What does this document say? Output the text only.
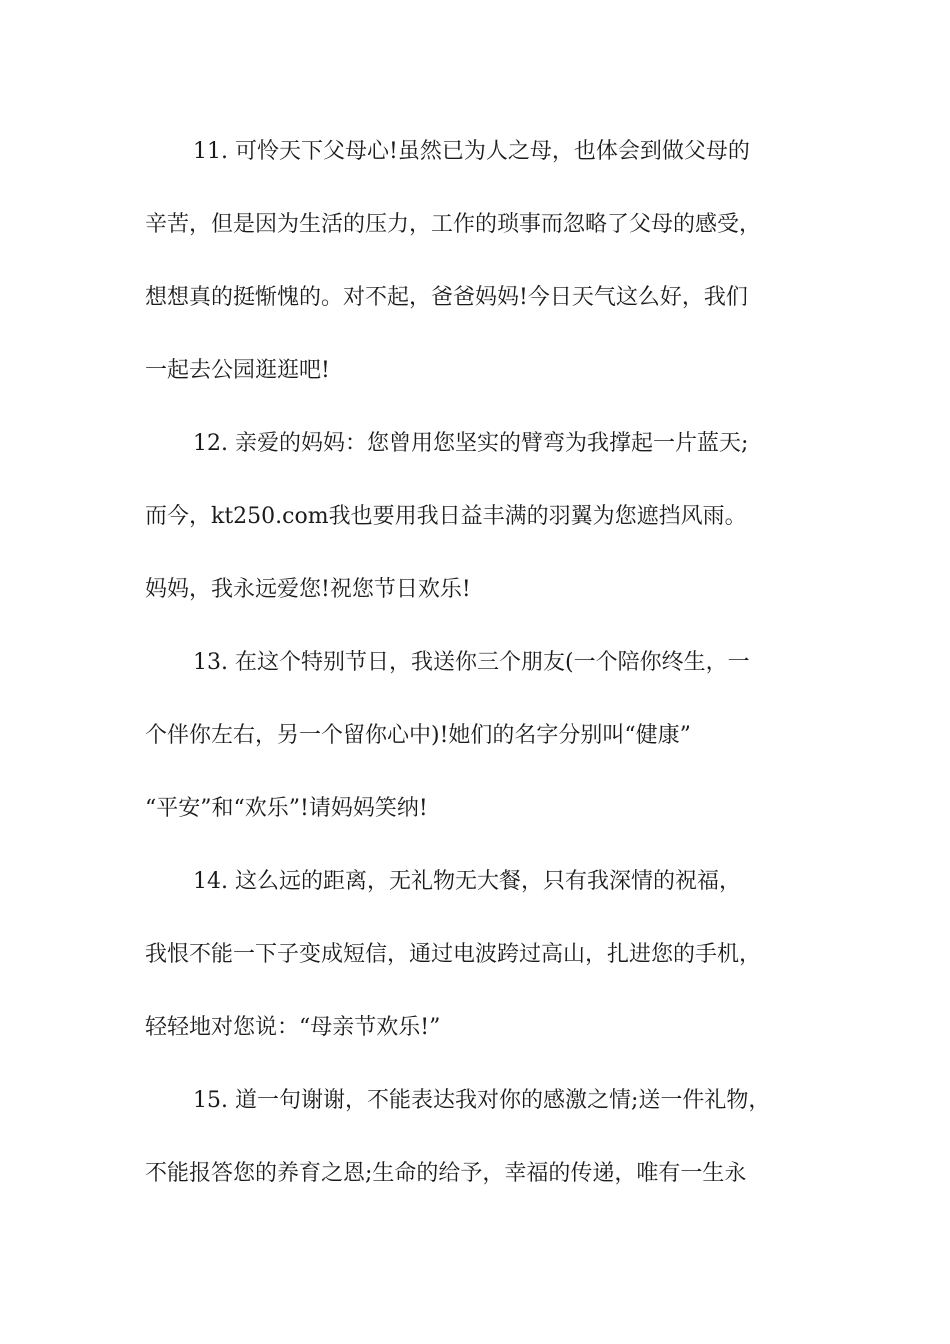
11. 可怜天下父母心!虽然已为人之母，也体会到做父母的
辛苦，但是因为生活的压力，工作的琐事而忽略了父母的感受，
想想真的挺惭愧的。对不起，爸爸妈妈!今日天气这么好，我们
一起去公园逛逛吧!
12. 亲爱的妈妈：您曾用您坚实的臂弯为我撑起一片蓝天;
而今，kt250.com我也要用我日益丰满的羽翼为您遮挡风雨。
妈妈，我永远爱您!祝您节日欢乐!
13. 在这个特别节日，我送你三个朋友(一个陪你终生，一
个伴你左右，另一个留你心中)!她们的名字分别叫“健康”
“平安”和“欢乐”!请妈妈笑纳!
14. 这么远的距离，无礼物无大餐，只有我深情的祝福，
我恨不能一下子变成短信，通过电波跨过高山，扎进您的手机，
轻轻地对您说：“母亲节欢乐!”
15. 道一句谢谢，不能表达我对你的感激之情;送一件礼物，
不能报答您的养育之恩;生命的给予，幸福的传递，唯有一生永
